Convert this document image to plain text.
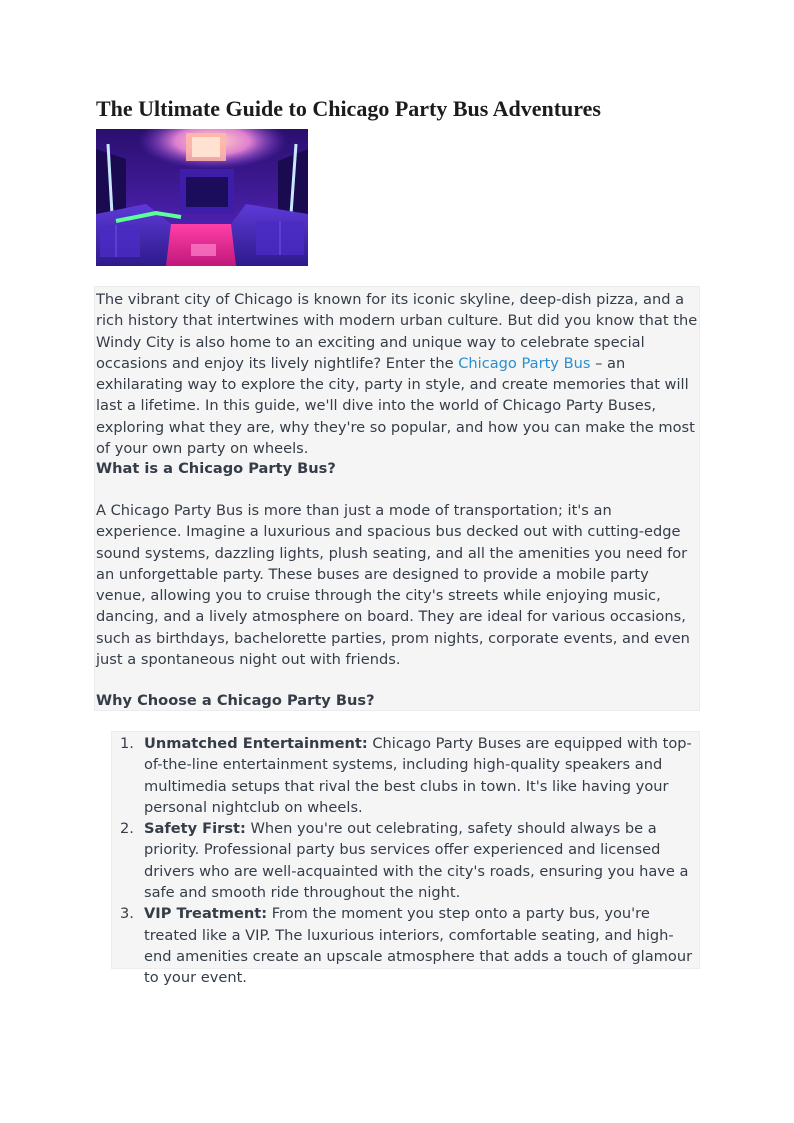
The Ultimate Guide to Chicago Party Bus Adventures

The vibrant city of Chicago is known for its iconic skyline, deep-dish pizza, and a rich history that intertwines with modern urban culture. But did you know that the Windy City is also home to an exciting and unique way to celebrate special occasions and enjoy its lively nightlife? Enter the Chicago Party Bus – an exhilarating way to explore the city, party in style, and create memories that will last a lifetime. In this guide, we'll dive into the world of Chicago Party Buses, exploring what they are, why they're so popular, and how you can make the most of your own party on wheels.

What is a Chicago Party Bus?

A Chicago Party Bus is more than just a mode of transportation; it's an experience. Imagine a luxurious and spacious bus decked out with cutting-edge sound systems, dazzling lights, plush seating, and all the amenities you need for an unforgettable party. These buses are designed to provide a mobile party venue, allowing you to cruise through the city's streets while enjoying music, dancing, and a lively atmosphere on board. They are ideal for various occasions, such as birthdays, bachelorette parties, prom nights, corporate events, and even just a spontaneous night out with friends.

Why Choose a Chicago Party Bus?
1. Unmatched Entertainment: Chicago Party Buses are equipped with top-of-the-line entertainment systems, including high-quality speakers and multimedia setups that rival the best clubs in town. It's like having your personal nightclub on wheels.
2. Safety First: When you're out celebrating, safety should always be a priority. Professional party bus services offer experienced and licensed drivers who are well-acquainted with the city's roads, ensuring you have a safe and smooth ride throughout the night.
3. VIP Treatment: From the moment you step onto a party bus, you're treated like a VIP. The luxurious interiors, comfortable seating, and high-end amenities create an upscale atmosphere that adds a touch of glamour to your event.
